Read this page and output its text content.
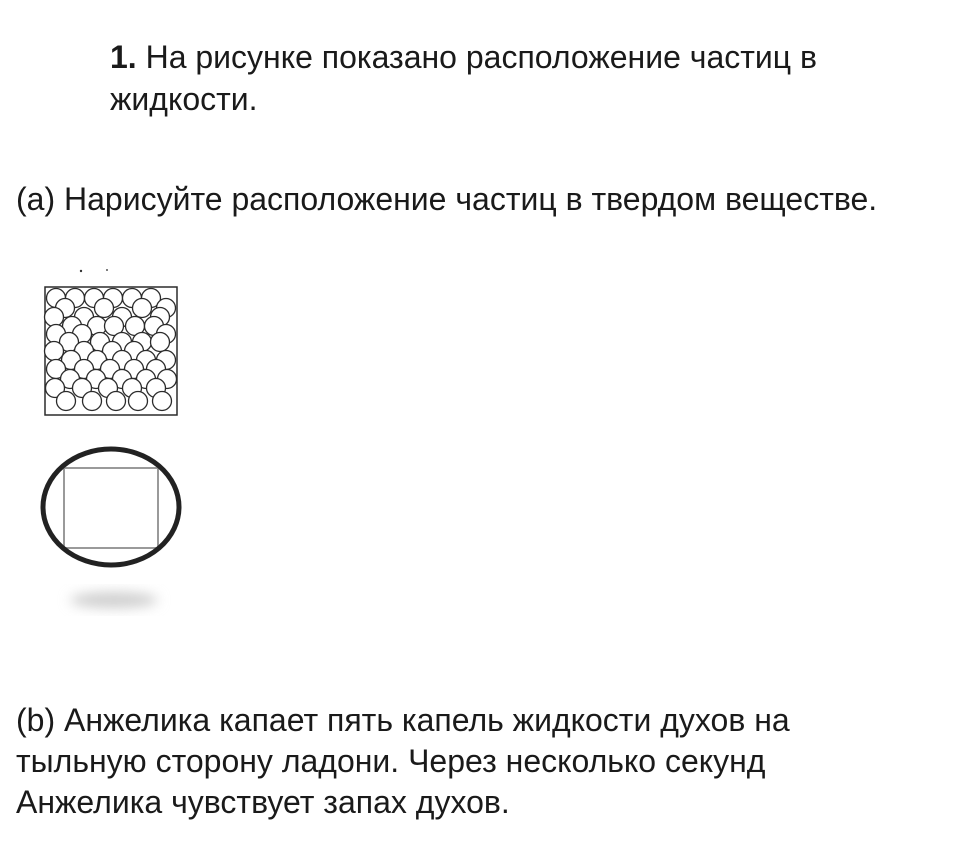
1. На рисунке показано расположение частиц в жидкости.
(a) Нарисуйте расположение частиц в твердом веществе.
(b) Анжелика капает пять капель жидкости духов на тыльную сторону ладони. Через несколько секунд Анжелика чувствует запах духов.
